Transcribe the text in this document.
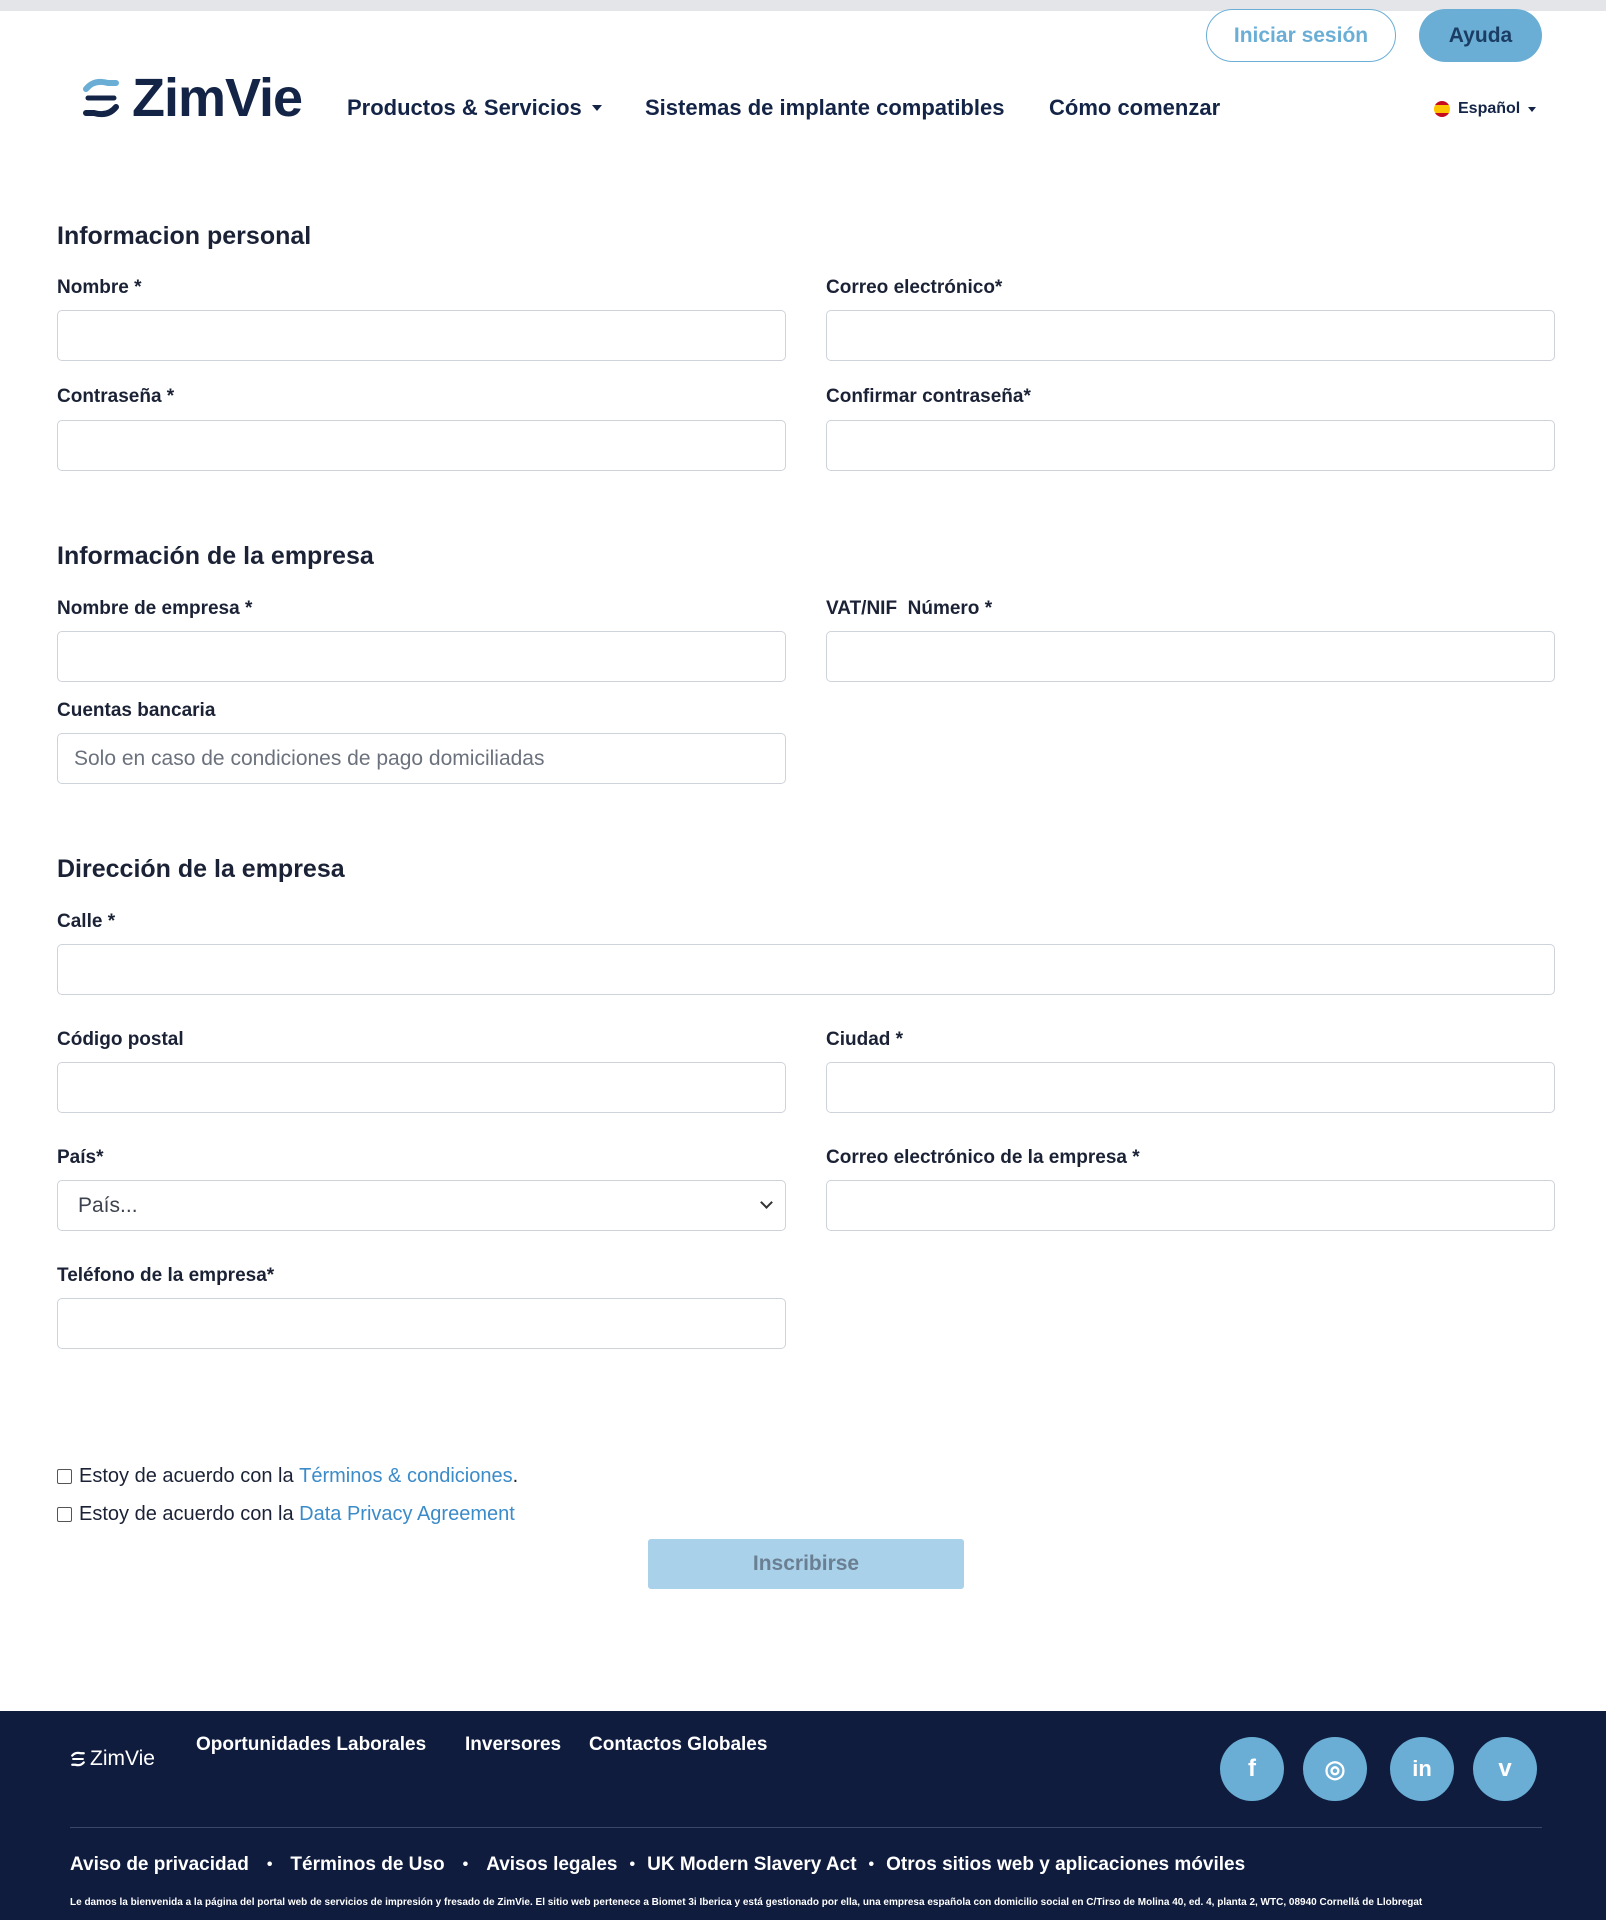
Iniciar sesión	Ayuda
ZimVie Productos & Servicios	Sistemas de implante compatibles Cómo comenzar	Español
Informacion personal
Nombre *	Correo electrónico*
Contraseña *	Confirmar contraseña*
Información de la empresa
Nombre de empresa *	VAT/NIF  Número *
Cuentas bancaria
Solo en caso de condiciones de pago domiciliadas
Dirección de la empresa
Calle *
Código postal	Ciudad *
País*	Correo electrónico de la empresa *
País...
Teléfono de la empresa*
Estoy de acuerdo con la Términos & condiciones .
Estoy de acuerdo con la Data Privacy Agreement
Inscribirse
ZimVie
Oportunidades Laborales Inversores Contactos Globales
f	◎	in	v
Aviso de privacidad • Términos de Uso • Avisos legales • UK Modern Slavery Act • Otros sitios web y aplicaciones móviles
Le damos la bienvenida a la página del portal web de servicios de impresión y fresado de ZimVie. El sitio web pertenece a Biomet 3i Iberica y está gestionado por ella, una empresa española con domicilio social en C/Tirso de Molina 40, ed. 4, planta 2, WTC, 08940 Cornellá de Llobregat
